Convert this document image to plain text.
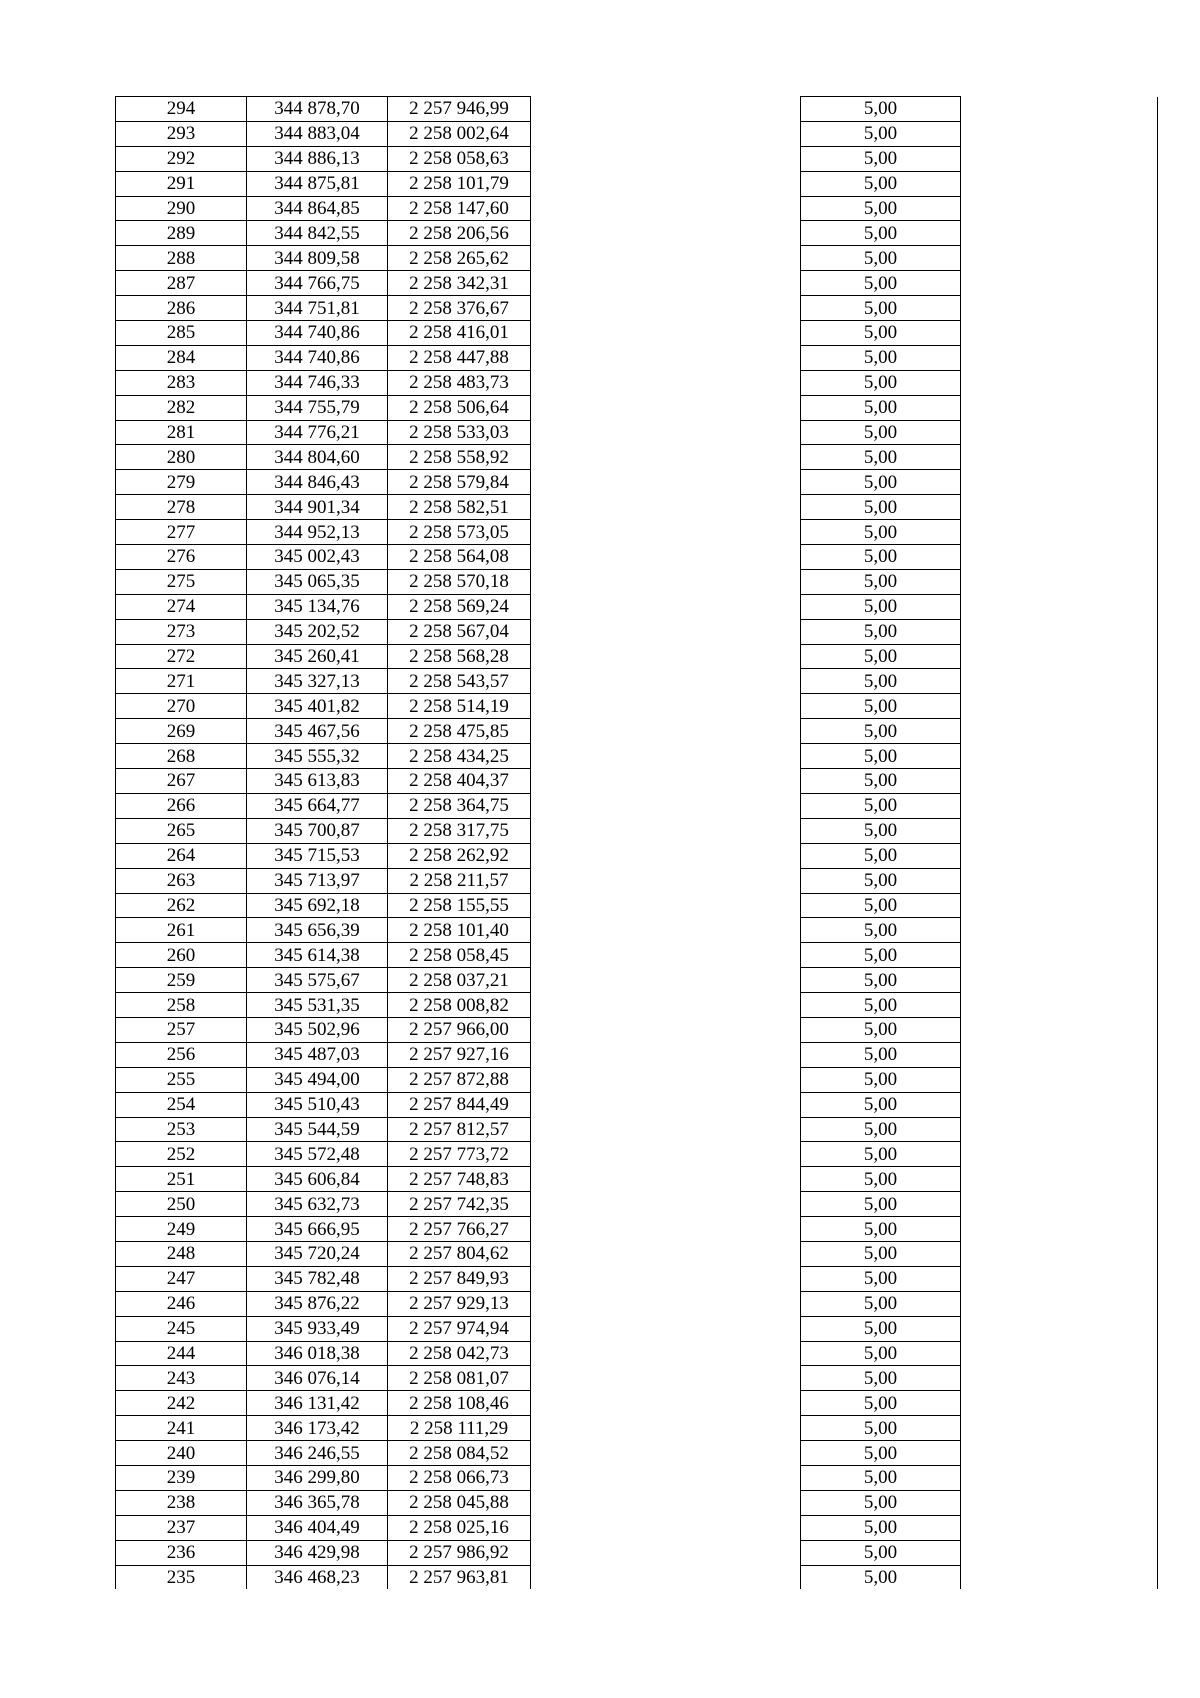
294	344 878,70	2 257 946,99		5,00	
293	344 883,04	2 258 002,64		5,00	
292	344 886,13	2 258 058,63		5,00	
291	344 875,81	2 258 101,79		5,00	
290	344 864,85	2 258 147,60		5,00	
289	344 842,55	2 258 206,56		5,00	
288	344 809,58	2 258 265,62		5,00	
287	344 766,75	2 258 342,31		5,00	
286	344 751,81	2 258 376,67		5,00	
285	344 740,86	2 258 416,01		5,00	
284	344 740,86	2 258 447,88		5,00	
283	344 746,33	2 258 483,73		5,00	
282	344 755,79	2 258 506,64		5,00	
281	344 776,21	2 258 533,03		5,00	
280	344 804,60	2 258 558,92		5,00	
279	344 846,43	2 258 579,84		5,00	
278	344 901,34	2 258 582,51		5,00	
277	344 952,13	2 258 573,05		5,00	
276	345 002,43	2 258 564,08		5,00	
275	345 065,35	2 258 570,18		5,00	
274	345 134,76	2 258 569,24		5,00	
273	345 202,52	2 258 567,04		5,00	
272	345 260,41	2 258 568,28		5,00	
271	345 327,13	2 258 543,57		5,00	
270	345 401,82	2 258 514,19		5,00	
269	345 467,56	2 258 475,85		5,00	
268	345 555,32	2 258 434,25		5,00	
267	345 613,83	2 258 404,37		5,00	
266	345 664,77	2 258 364,75		5,00	
265	345 700,87	2 258 317,75		5,00	
264	345 715,53	2 258 262,92		5,00	
263	345 713,97	2 258 211,57		5,00	
262	345 692,18	2 258 155,55		5,00	
261	345 656,39	2 258 101,40		5,00	
260	345 614,38	2 258 058,45		5,00	
259	345 575,67	2 258 037,21		5,00	
258	345 531,35	2 258 008,82		5,00	
257	345 502,96	2 257 966,00		5,00	
256	345 487,03	2 257 927,16		5,00	
255	345 494,00	2 257 872,88		5,00	
254	345 510,43	2 257 844,49		5,00	
253	345 544,59	2 257 812,57		5,00	
252	345 572,48	2 257 773,72		5,00	
251	345 606,84	2 257 748,83		5,00	
250	345 632,73	2 257 742,35		5,00	
249	345 666,95	2 257 766,27		5,00	
248	345 720,24	2 257 804,62		5,00	
247	345 782,48	2 257 849,93		5,00	
246	345 876,22	2 257 929,13		5,00	
245	345 933,49	2 257 974,94		5,00	
244	346 018,38	2 258 042,73		5,00	
243	346 076,14	2 258 081,07		5,00	
242	346 131,42	2 258 108,46		5,00	
241	346 173,42	2 258 111,29		5,00	
240	346 246,55	2 258 084,52		5,00	
239	346 299,80	2 258 066,73		5,00	
238	346 365,78	2 258 045,88		5,00	
237	346 404,49	2 258 025,16		5,00	
236	346 429,98	2 257 986,92		5,00	
235	346 468,23	2 257 963,81		5,00	
